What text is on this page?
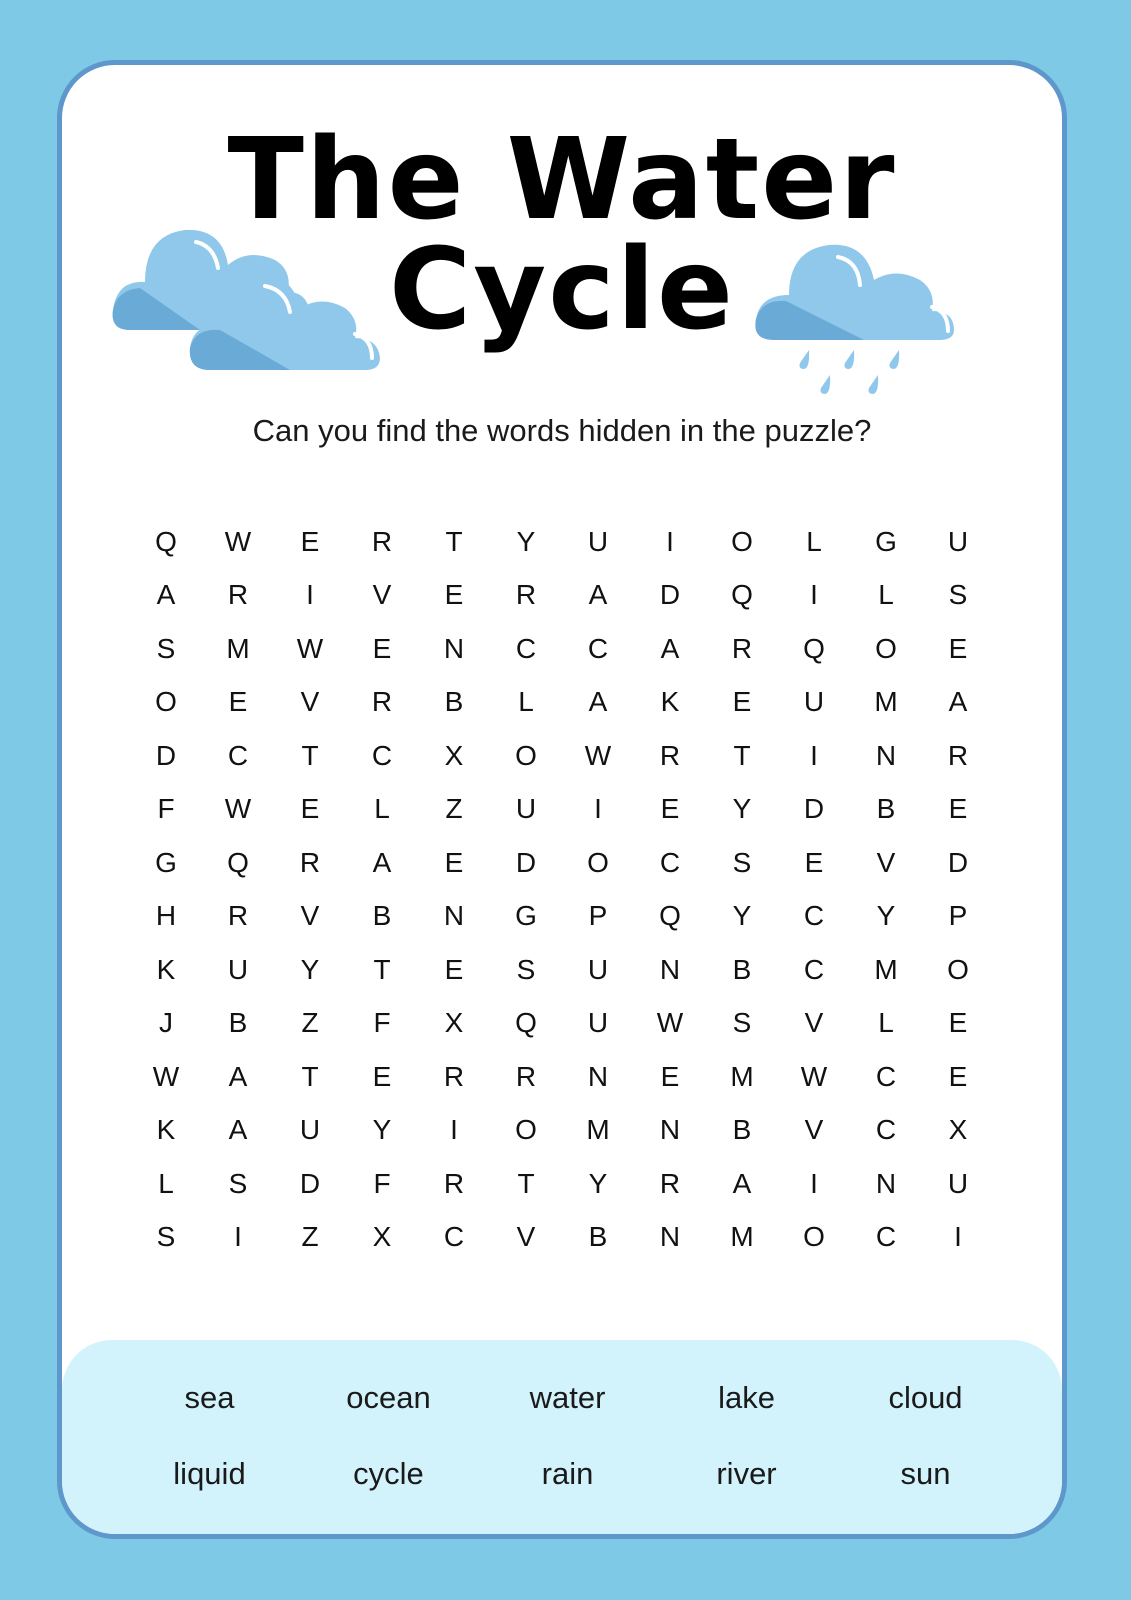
The Water
Cycle
Can you find the words hidden in the puzzle?
Q	W	E	R	T	Y	U	I	O	L	G	U
A	R	I	V	E	R	A	D	Q	I	L	S
S	M	W	E	N	C	C	A	R	Q	O	E
O	E	V	R	B	L	A	K	E	U	M	A
D	C	T	C	X	O	W	R	T	I	N	R
F	W	E	L	Z	U	I	E	Y	D	B	E
G	Q	R	A	E	D	O	C	S	E	V	D
H	R	V	B	N	G	P	Q	Y	C	Y	P
K	U	Y	T	E	S	U	N	B	C	M	O
J	B	Z	F	X	Q	U	W	S	V	L	E
W	A	T	E	R	R	N	E	M	W	C	E
K	A	U	Y	I	O	M	N	B	V	C	X
L	S	D	F	R	T	Y	R	A	I	N	U
S	I	Z	X	C	V	B	N	M	O	C	I
sea	ocean	water	lake	cloud
liquid	cycle	rain	river	sun
